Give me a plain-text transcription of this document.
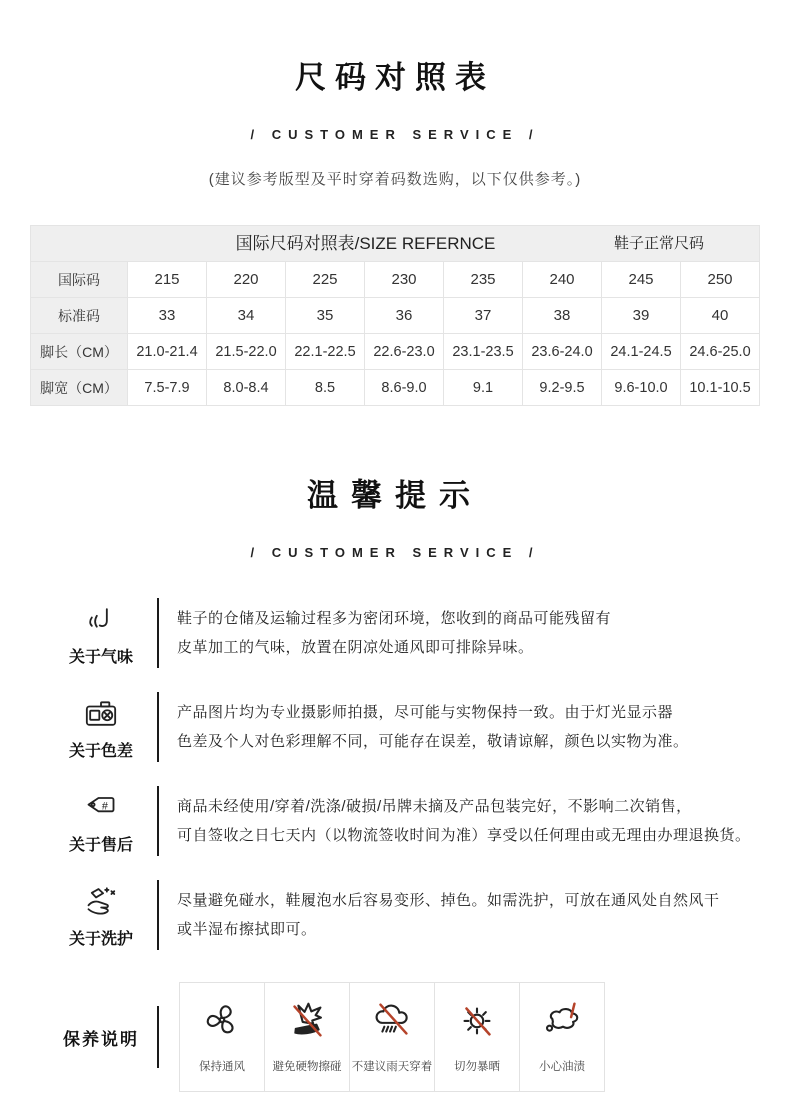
尺码对照表
/ CUSTOMER SERVICE /
(建议参考版型及平时穿着码数选购，以下仅供参考。)
国际尺码对照表/SIZE REFERNCE 鞋子正常尺码								

国际码	215	220	225	230	235	240	245	250
标准码	33	34	35	36	37	38	39	40
脚长（CM）	21.0-21.4	21.5-22.0	22.1-22.5	22.6-23.0	23.1-23.5	23.6-24.0	24.1-24.5	24.6-25.0
脚宽（CM）	7.5-7.9	8.0-8.4	8.5	8.6-9.0	9.1	9.2-9.5	9.6-10.0	10.1-10.5
温馨提示
/ CUSTOMER SERVICE /
关于气味
鞋子的仓储及运输过程多为密闭环境，您收到的商品可能残留有
皮革加工的气味，放置在阴凉处通风即可排除异味。
关于色差
产品图片均为专业摄影师拍摄，尽可能与实物保持一致。由于灯光显示器
色差及个人对色彩理解不同，可能存在误差，敬请谅解，颜色以实物为准。
#
关于售后
商品未经使用/穿着/洗涤/破损/吊牌未摘及产品包装完好，不影响二次销售，
可自签收之日七天内（以物流签收时间为准）享受以任何理由或无理由办理退换货。
关于洗护
尽量避免碰水，鞋履泡水后容易变形、掉色。如需洗护，可放在通风处自然风干
或半湿布擦拭即可。
保养说明
保持通风 避免硬物擦碰 不建议雨天穿着 切勿暴晒	小心油渍
